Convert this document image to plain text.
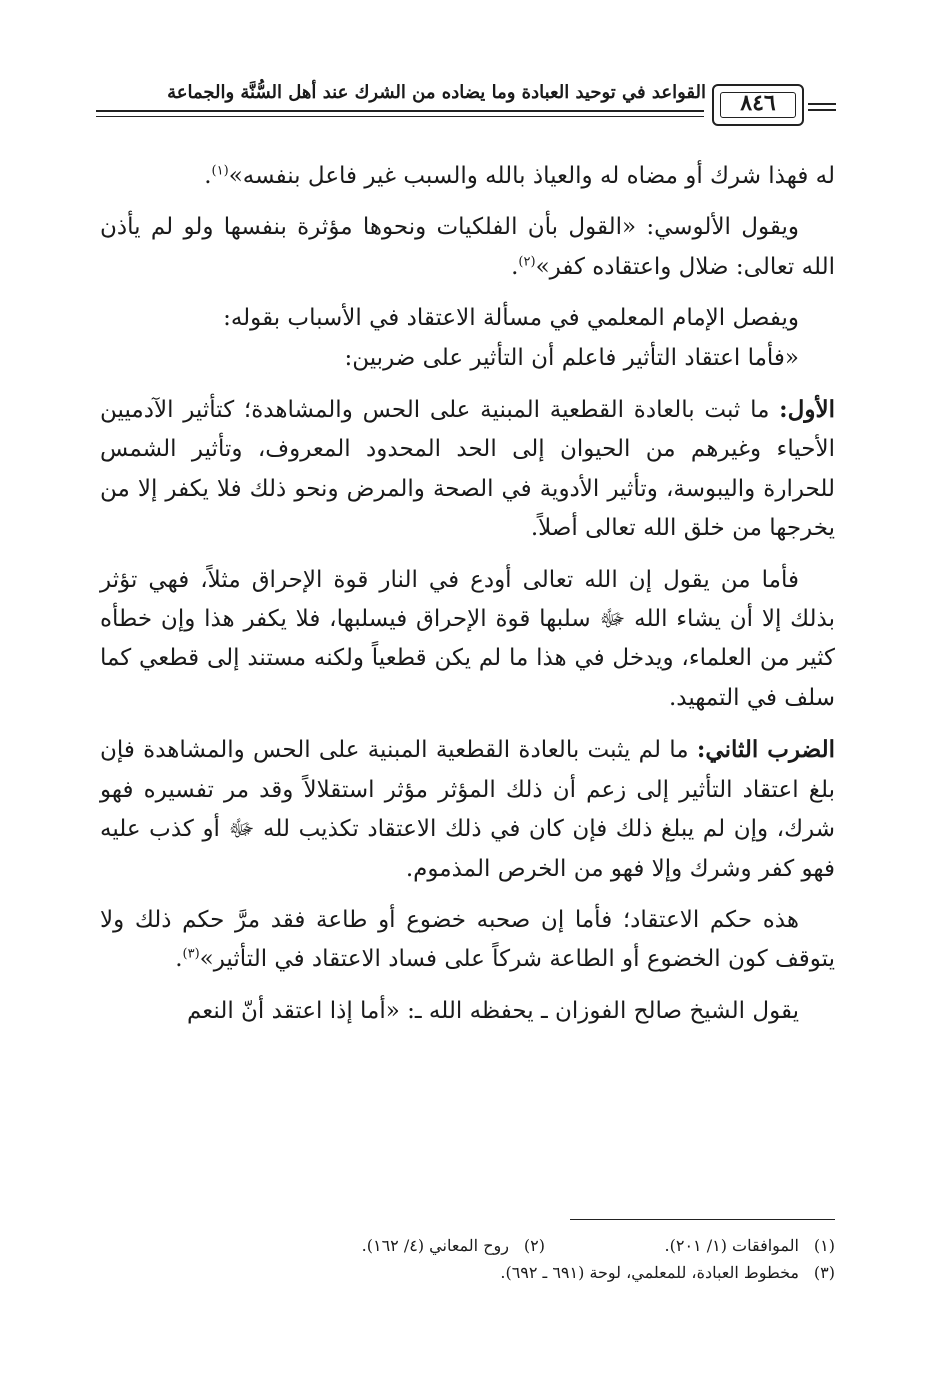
القواعد في توحيد العبادة وما يضاده من الشرك عند أهل السُّنَّة والجماعة	٨٤٦

له فهذا شرك أو مضاه له والعياذ بالله والسبب غير فاعل بنفسه»$^{(١)}$.

ويقول الألوسي: «القول بأن الفلكيات ونحوها مؤثرة بنفسها ولو لم يأذن الله تعالى: ضلال واعتقاده كفر»$^{(٢)}$.

ويفصل الإمام المعلمي في مسألة الاعتقاد في الأسباب بقوله:

«فأما اعتقاد التأثير فاعلم أن التأثير على ضربين:

الأول: ما ثبت بالعادة القطعية المبنية على الحس والمشاهدة؛ كتأثير الآدميين الأحياء وغيرهم من الحيوان إلى الحد المحدود المعروف، وتأثير الشمس للحرارة واليبوسة، وتأثير الأدوية في الصحة والمرض ونحو ذلك فلا يكفر إلا من يخرجها من خلق الله تعالى أصلاً.

فأما من يقول إن الله تعالى أودع في النار قوة الإحراق مثلاً، فهي تؤثر بذلك إلا أن يشاء الله ﷻ سلبها قوة الإحراق فيسلبها، فلا يكفر هذا وإن خطأه كثير من العلماء، ويدخل في هذا ما لم يكن قطعياً ولكنه مستند إلى قطعي كما سلف في التمهيد.

الضرب الثاني: ما لم يثبت بالعادة القطعية المبنية على الحس والمشاهدة فإن بلغ اعتقاد التأثير إلى زعم أن ذلك المؤثر مؤثر استقلالاً وقد مر تفسيره فهو شرك، وإن لم يبلغ ذلك فإن كان في ذلك الاعتقاد تكذيب لله ﷻ أو كذب عليه فهو كفر وشرك وإلا فهو من الخرص المذموم.

هذه حكم الاعتقاد؛ فأما إن صحبه خضوع أو طاعة فقد مرَّ حكم ذلك ولا يتوقف كون الخضوع أو الطاعة شركاً على فساد الاعتقاد في التأثير»$^{(٣)}$.

يقول الشيخ صالح الفوزان ـ يحفظه الله ـ: «أما إذا اعتقد أنّ النعم

(١)الموافقات (١/ ٢٠١).(٢)روح المعاني (٤/ ١٦٢).
(٣)مخطوط العبادة، للمعلمي، لوحة (٦٩١ ـ ٦٩٢).
